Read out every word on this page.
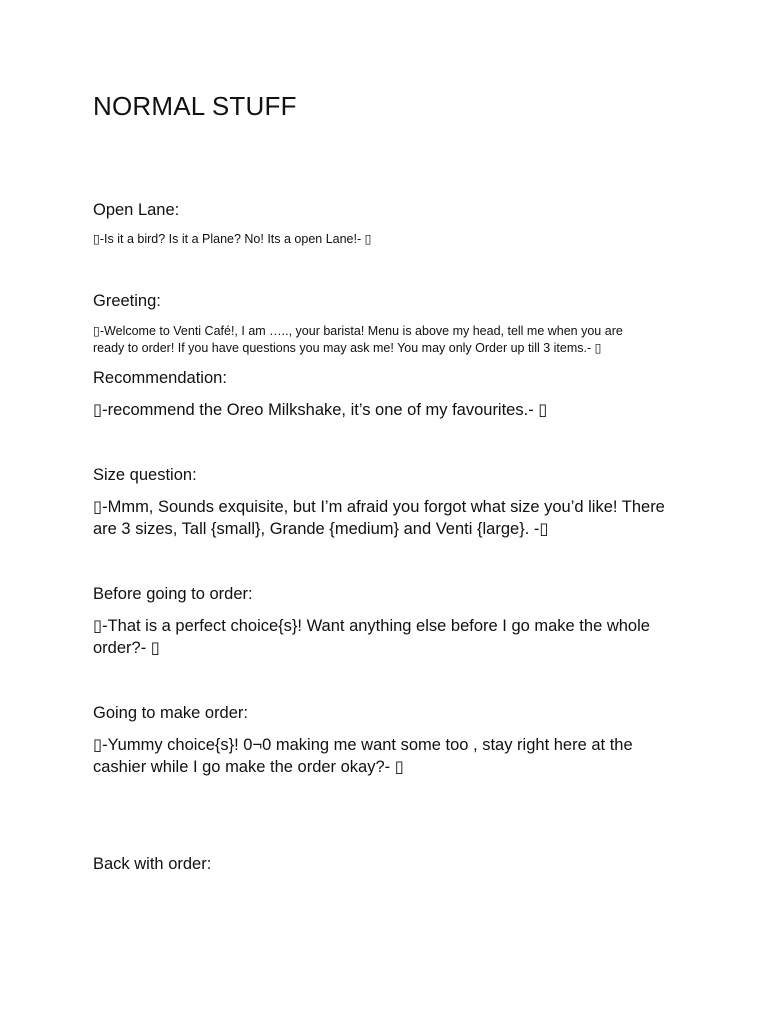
NORMAL STUFF
Open Lane:
▯-Is it a bird? Is it a Plane? No! Its a open Lane!- ▯
Greeting:
▯-Welcome to Venti Café!, I am ….., your barista! Menu is above my head, tell me when you are
ready to order! If you have questions you may ask me! You may only Order up till 3 items.- ▯
Recommendation:
▯-recommend the Oreo Milkshake, it’s one of my favourites.- ▯
Size question:
▯-Mmm, Sounds exquisite, but I’m afraid you forgot what size you’d like! There
are 3 sizes, Tall {small}, Grande {medium} and Venti {large}. -▯
Before going to order:
▯-That is a perfect choice{s}! Want anything else before I go make the whole
order?- ▯
Going to make order:
▯-Yummy choice{s}! 0¬0 making me want some too , stay right here at the
cashier while I go make the order okay?- ▯
Back with order:
